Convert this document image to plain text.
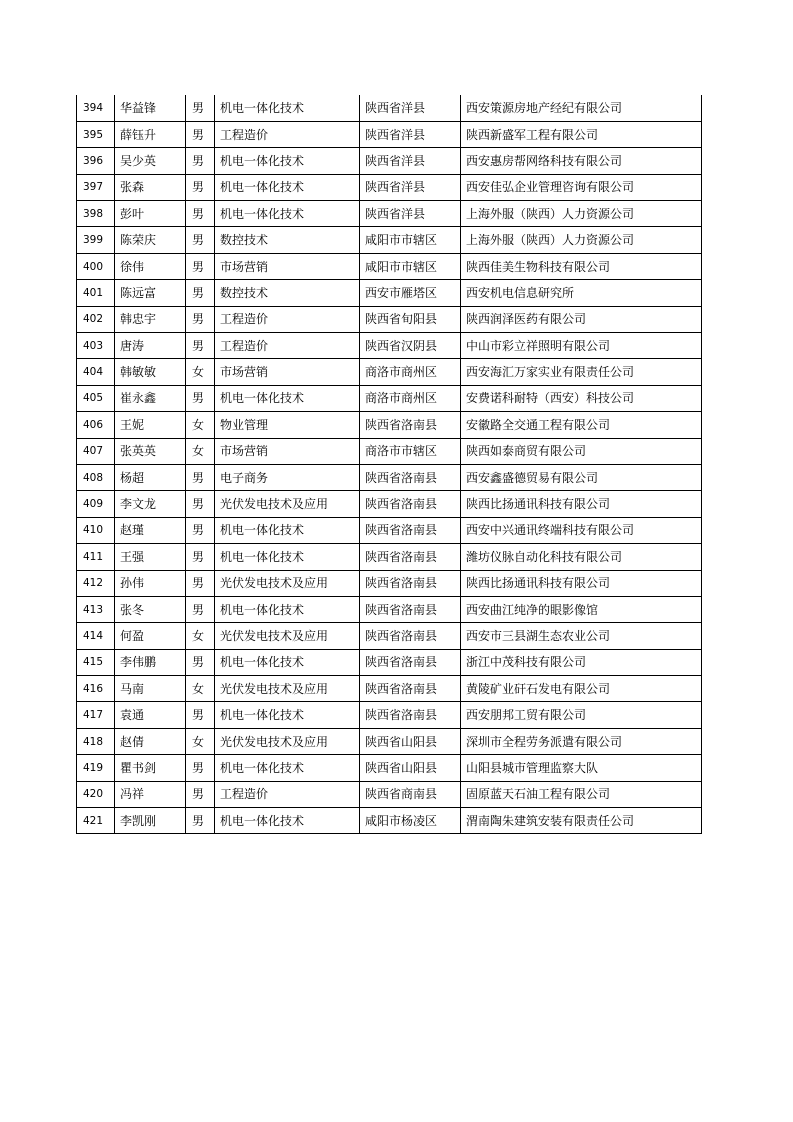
394	华益锋	男	机电一体化技术	陕西省洋县	西安策源房地产经纪有限公司
395	薛钰升	男	工程造价	陕西省洋县	陕西新盛军工程有限公司
396	吴少英	男	机电一体化技术	陕西省洋县	西安惠房帮网络科技有限公司
397	张森	男	机电一体化技术	陕西省洋县	西安佳弘企业管理咨询有限公司
398	彭叶	男	机电一体化技术	陕西省洋县	上海外服（陕西）人力资源公司
399	陈荣庆	男	数控技术	咸阳市市辖区	上海外服（陕西）人力资源公司
400	徐伟	男	市场营销	咸阳市市辖区	陕西佳美生物科技有限公司
401	陈远富	男	数控技术	西安市雁塔区	西安机电信息研究所
402	韩忠宇	男	工程造价	陕西省旬阳县	陕西润泽医药有限公司
403	唐涛	男	工程造价	陕西省汉阴县	中山市彩立祥照明有限公司
404	韩敏敏	女	市场营销	商洛市商州区	西安海汇万家实业有限责任公司
405	崔永鑫	男	机电一体化技术	商洛市商州区	安费诺科耐特（西安）科技公司
406	王妮	女	物业管理	陕西省洛南县	安徽路全交通工程有限公司
407	张英英	女	市场营销	商洛市市辖区	陕西如泰商贸有限公司
408	杨超	男	电子商务	陕西省洛南县	西安鑫盛德贸易有限公司
409	李文龙	男	光伏发电技术及应用	陕西省洛南县	陕西比扬通讯科技有限公司
410	赵瑾	男	机电一体化技术	陕西省洛南县	西安中兴通讯终端科技有限公司
411	王强	男	机电一体化技术	陕西省洛南县	潍坊仪脉自动化科技有限公司
412	孙伟	男	光伏发电技术及应用	陕西省洛南县	陕西比扬通讯科技有限公司
413	张冬	男	机电一体化技术	陕西省洛南县	西安曲江纯净的眼影像馆
414	何盈	女	光伏发电技术及应用	陕西省洛南县	西安市三县湖生态农业公司
415	李伟鹏	男	机电一体化技术	陕西省洛南县	浙江中茂科技有限公司
416	马南	女	光伏发电技术及应用	陕西省洛南县	黄陵矿业矸石发电有限公司
417	袁通	男	机电一体化技术	陕西省洛南县	西安朋邦工贸有限公司
418	赵倩	女	光伏发电技术及应用	陕西省山阳县	深圳市全程劳务派遣有限公司
419	瞿书剑	男	机电一体化技术	陕西省山阳县	山阳县城市管理监察大队
420	冯祥	男	工程造价	陕西省商南县	固原蓝天石油工程有限公司
421	李凯刚	男	机电一体化技术	咸阳市杨凌区	渭南陶朱建筑安装有限责任公司
